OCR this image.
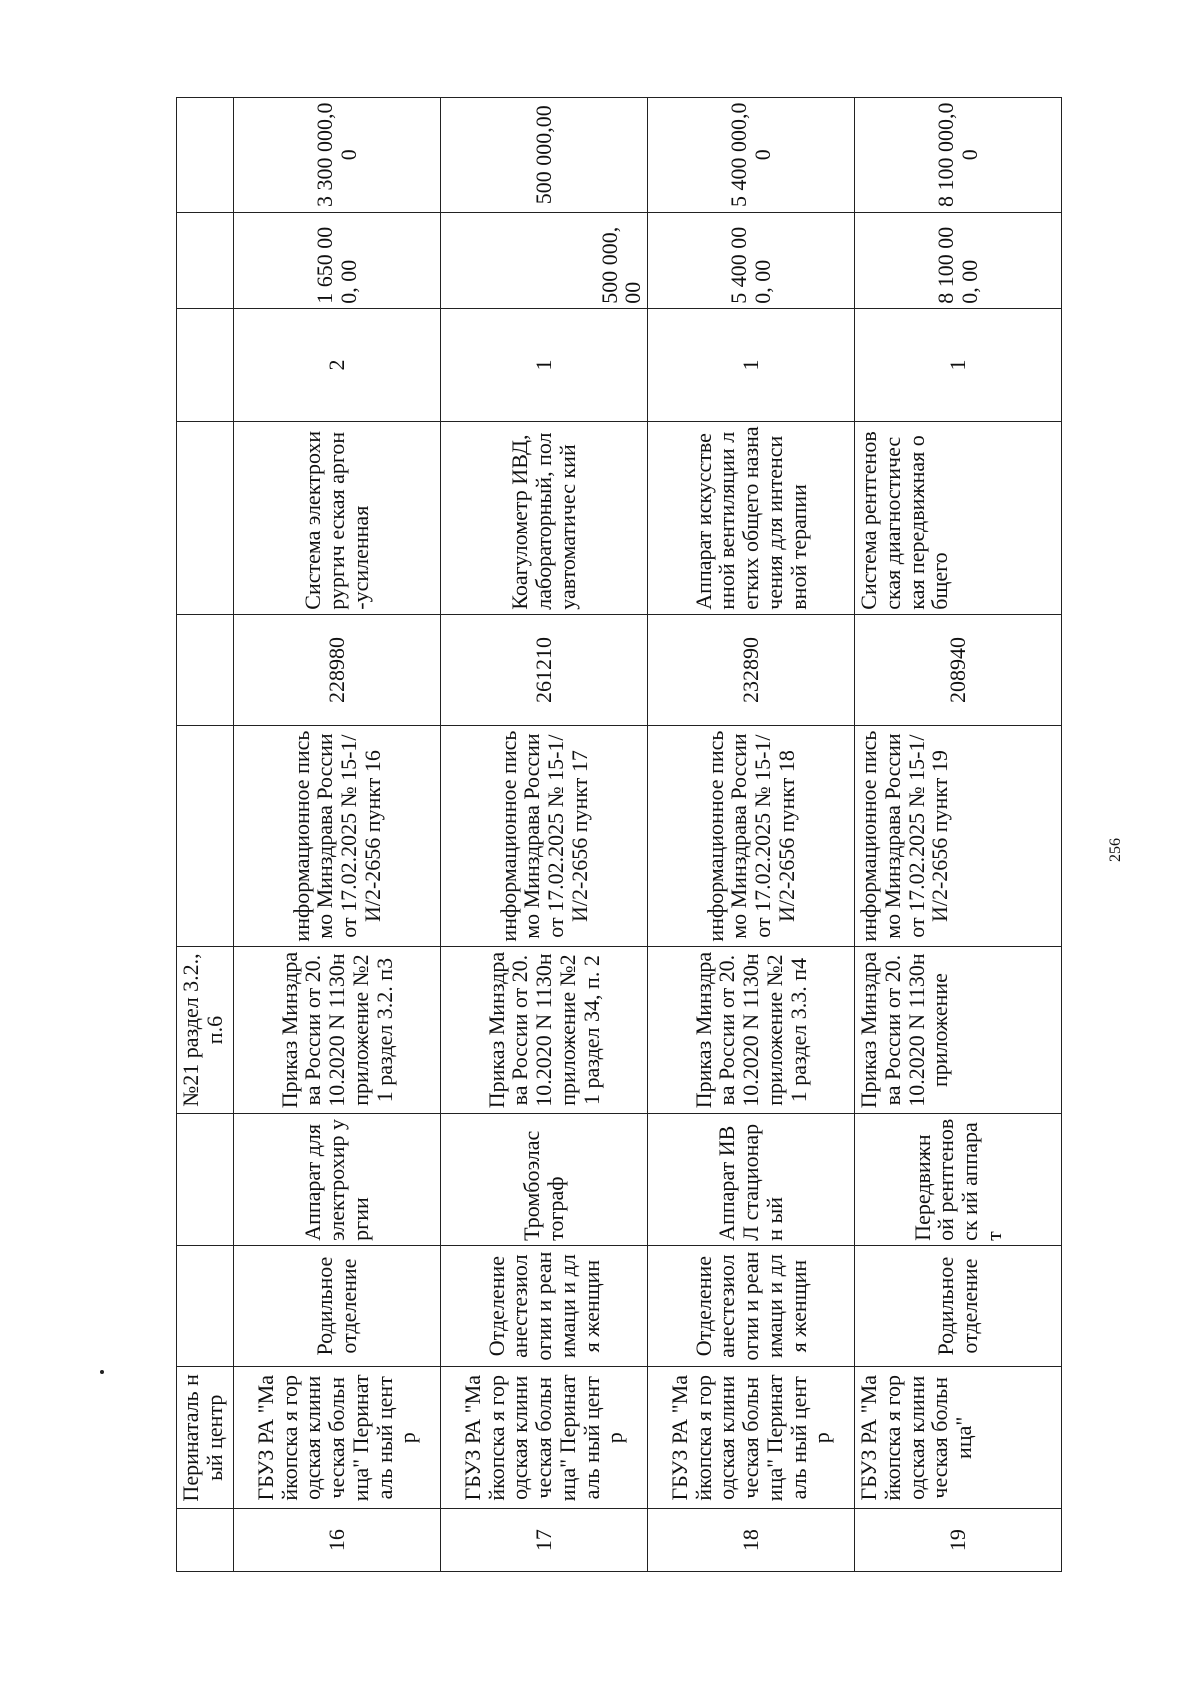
	Перинаталь ный центр			№21 раздел 3.2., п.6						
16	ГБУЗ РА "Майкопска я городская клиническая больница" Перинаталь ный центр	Родильное отделение	Аппарат для электрохир ургии	Приказ Минздрава России от 20.10.2020 N 1130н приложение №21 раздел 3.2. п3	информационное письмо Минздрава России от 17.02.2025 № 15-1/И/2-2656 пункт 16	228980	Система электрохирургич еская аргон-усиленная	2	1 650 000, 00	3 300 000,00
17	ГБУЗ РА "Майкопска я городская клиническая больница" Перинаталь ный центр	Отделение анестезиол огии и реанимаци и для женщин	Тромбоэлас тограф	Приказ Минздрава России от 20.10.2020 N 1130н приложение №21 раздел 34, п. 2	информационное письмо Минздрава России от 17.02.2025 № 15-1/И/2-2656 пункт 17	261210	Коагулометр ИВД, лабораторный, полуавтоматичес кий	1	500 000,00	500 000,00
18	ГБУЗ РА "Майкопска я городская клиническая больница" Перинаталь ный центр	Отделение анестезиол огии и реанимаци и для женщин	Аппарат ИВЛ стационарн ый	Приказ Минздрава России от 20.10.2020 N 1130н приложение №21 раздел 3.3. п4	информационное письмо Минздрава России от 17.02.2025 № 15-1/И/2-2656 пункт 18	232890	Аппарат искусственной вентиляции легких общего назначения для интенсивной терапии	1	5 400 000, 00	5 400 000,00
19	ГБУЗ РА "Майкопска я городская клиническая больница"	Родильное отделение	Передвижн ой рентгеновск ий аппарат	Приказ Минздрава России от 20.10.2020 N 1130н приложение	информационное письмо Минздрава России от 17.02.2025 № 15-1/И/2-2656 пункт 19	208940	Система рентгеновская диагностическая передвижная общего	1	8 100 000, 00	8 100 000,00
256
